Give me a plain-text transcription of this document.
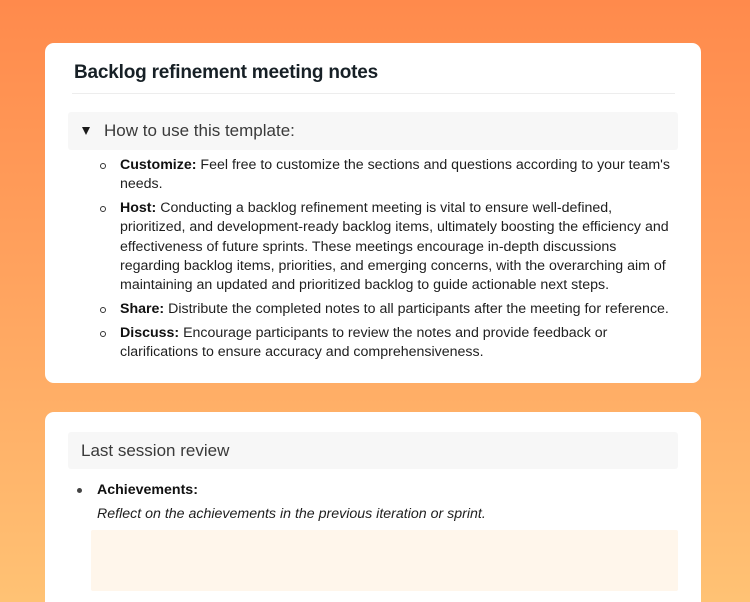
Backlog refinement meeting notes
How to use this template:
Customize: Feel free to customize the sections and questions according to your team's needs.
Host: Conducting a backlog refinement meeting is vital to ensure well-defined, prioritized, and development-ready backlog items, ultimately boosting the efficiency and effectiveness of future sprints. These meetings encourage in-depth discussions regarding backlog items, priorities, and emerging concerns, with the overarching aim of maintaining an updated and prioritized backlog to guide actionable next steps.
Share: Distribute the completed notes to all participants after the meeting for reference.
Discuss: Encourage participants to review the notes and provide feedback or clarifications to ensure accuracy and comprehensiveness.
Last session review
Achievements:
Reflect on the achievements in the previous iteration or sprint.
